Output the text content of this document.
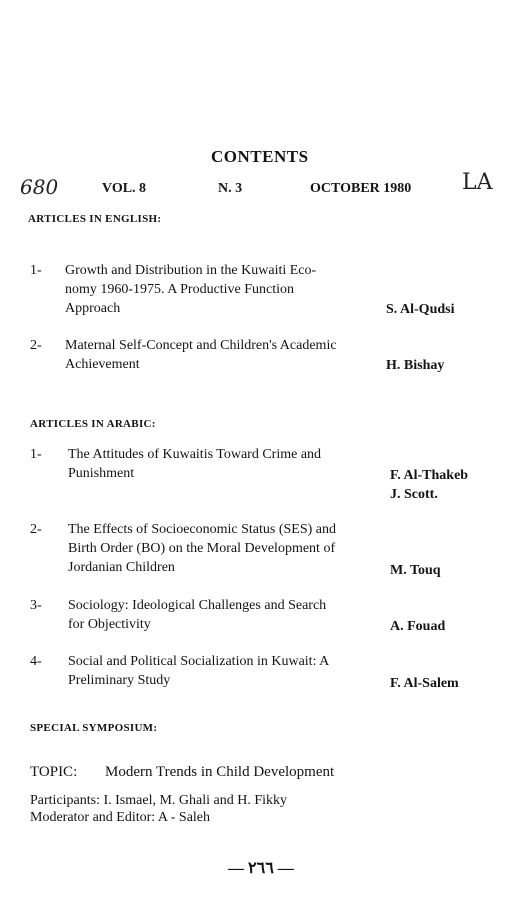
CONTENTS
680	VOL. 8	N. 3	OCTOBER 1980 LA
ARTICLES IN ENGLISH:
1- Growth and Distribution in the Kuwaiti Eco-
nomy 1960-1975. A Productive Function
Approach	S. Al-Qudsi
2- Maternal Self-Concept and Children's Academic
Achievement	H. Bishay
ARTICLES IN ARABIC:
1- The Attitudes of Kuwaitis Toward Crime and
Punishment	F. Al-Thakeb
J. Scott.
2- The Effects of Socioeconomic Status (SES) and
Birth Order (BO) on the Moral Development of
Jordanian Children	M. Touq
3- Sociology: Ideological Challenges and Search
for Objectivity	A. Fouad
4- Social and Political Socialization in Kuwait: A
Preliminary Study	F. Al-Salem
SPECIAL SYMPOSIUM:
TOPIC: Modern Trends in Child Development
Participants: I. Ismael, M. Ghali and H. Fikky
Moderator and Editor: A - Saleh
— ٢٦٦ —
